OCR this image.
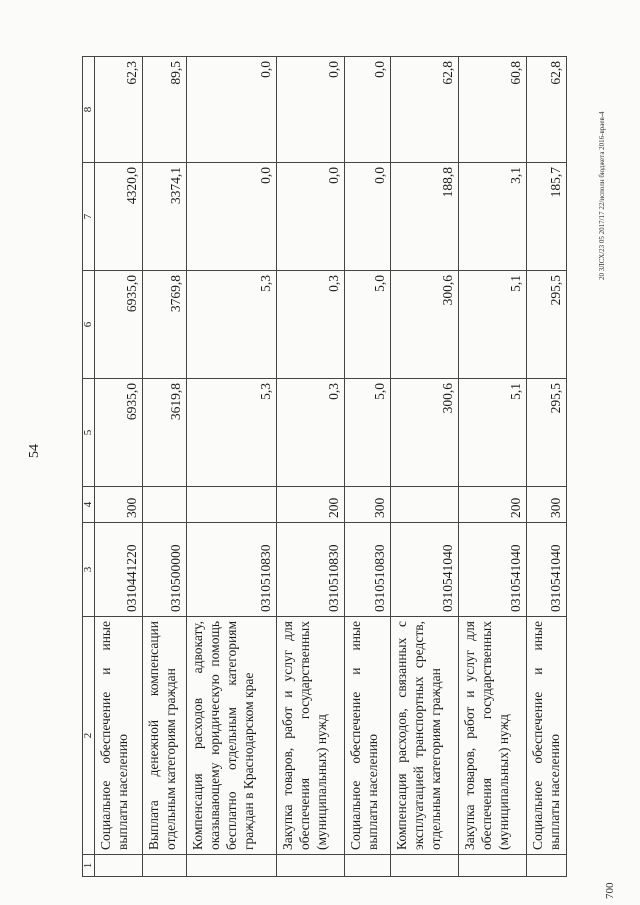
54
1	2	3	4	5	6	7	8
	Социальное обеспечение и иные выплаты населению	0310441220	300	6935,0	6935,0	4320,0	62,3
	Выплата денежной компенсации отдельным категориям граждан	0310500000		3619,8	3769,8	3374,1	89,5
	Компенсация расходов адвокату, оказывающему юридическую помощь бесплатно отдельным категориям граждан в Краснодарском крае	0310510830		5,3	5,3	0,0	0,0
	Закупка товаров, работ и услуг для обеспечения государственных (муниципальных) нужд	0310510830	200	0,3	0,3	0,0	0,0
	Социальное обеспечение и иные выплаты населению	0310510830	300	5,0	5,0	0,0	0,0
	Компенсация расходов, связанных с эксплуатацией транспортных средств, отдельным категориям граждан	0310541040		300,6	300,6	188,8	62,8
	Закупка товаров, работ и услуг для обеспечения государственных (муниципальных) нужд	0310541040	200	5,1	5,1	3,1	60,8
	Социальное обеспечение и иные выплаты населению	0310541040	300	295,5	295,5	185,7	62,8
20 ЗЛСХ/23 05 2017/17 22/исполн бюджета 2016-враев-4
700
